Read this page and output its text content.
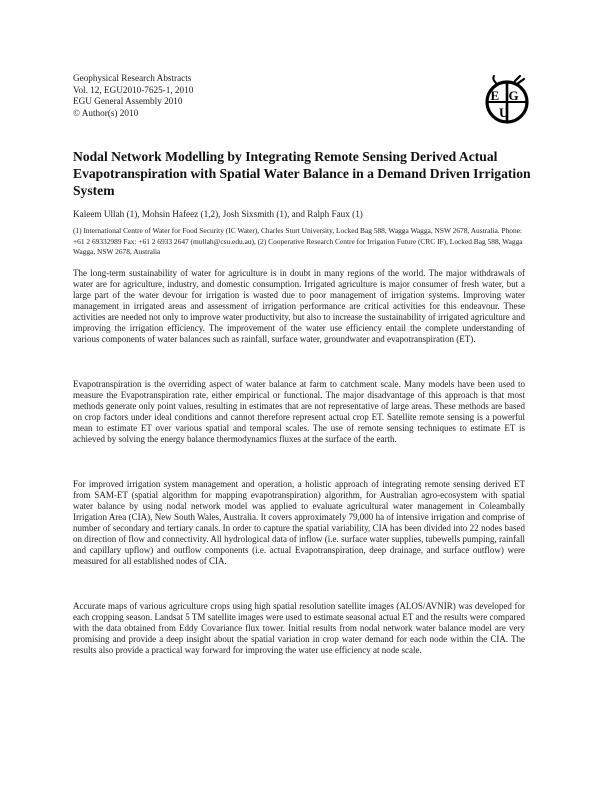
Geophysical Research Abstracts
Vol. 12, EGU2010-7625-1, 2010
EGU General Assembly 2010
© Author(s) 2010
E G
U
Nodal Network Modelling by Integrating Remote Sensing Derived Actual Evapotranspiration with Spatial Water Balance in a Demand Driven Irrigation System
Kaleem Ullah (1), Mohsin Hafeez (1,2), Josh Sixsmith (1), and Ralph Faux (1)
(1) International Centre of Water for Food Security (IC Water), Charles Sturt University, Locked Bag 588, Wagga Wagga, NSW 2678, Australia. Phone: +61 2 69332989 Fax: +61 2 6933 2647 (mullah@csu.edu.au), (2) Cooperative Research Centre for Irrigation Future (CRC IF), Locked Bag 588, Wagga Wagga, NSW 2678, Australia

The long-term sustainability of water for agriculture is in doubt in many regions of the world. The major withdrawals of water are for agriculture, industry, and domestic consumption. Irrigated agriculture is major consumer of fresh water, but a large part of the water devour for irrigation is wasted due to poor management of irrigation systems. Improving water management in irrigated areas and assessment of irrigation performance are critical activities for this endeavour. These activities are needed not only to improve water productivity, but also to increase the sustainability of irrigated agriculture and improving the irrigation efficiency. The improvement of the water use efficiency entail the complete understanding of various components of water balances such as rainfall, surface water, groundwater and evapotranspiration (ET).

Evapotranspiration is the overriding aspect of water balance at farm to catchment scale. Many models have been used to measure the Evapotranspiration rate, either empirical or functional. The major disadvantage of this approach is that most methods generate only point values, resulting in estimates that are not representative of large areas. These methods are based on crop factors under ideal conditions and cannot therefore represent actual crop ET. Satellite remote sensing is a powerful mean to estimate ET over various spatial and temporal scales. The use of remote sensing techniques to estimate ET is achieved by solving the energy balance thermodynamics fluxes at the surface of the earth.

For improved irrigation system management and operation, a holistic approach of integrating remote sensing derived ET from SAM-ET (spatial algorithm for mapping evapotranspiration) algorithm, for Australian agro-ecosystem with spatial water balance by using nodal network model was applied to evaluate agricultural water management in Coleambally Irrigation Area (CIA), New South Wales, Australia. It covers approximately 79,000 ha of intensive irrigation and comprise of number of secondary and tertiary canals. In order to capture the spatial variability, CIA has been divided into 22 nodes based on direction of flow and connectivity. All hydrological data of inflow (i.e. surface water supplies, tubewells pumping, rainfall and capillary upflow) and outflow components (i.e. actual Evapotranspiration, deep drainage, and surface outflow) were measured for all established nodes of CIA.

Accurate maps of various agriculture crops using high spatial resolution satellite images (ALOS/AVNIR) was developed for each cropping season. Landsat 5 TM satellite images were used to estimate seasonal actual ET and the results were compared with the data obtained from Eddy Covariance flux tower. Initial results from nodal network water balance model are very promising and provide a deep insight about the spatial variation in crop water demand for each node within the CIA. The results also provide a practical way forward for improving the water use efficiency at node scale.
